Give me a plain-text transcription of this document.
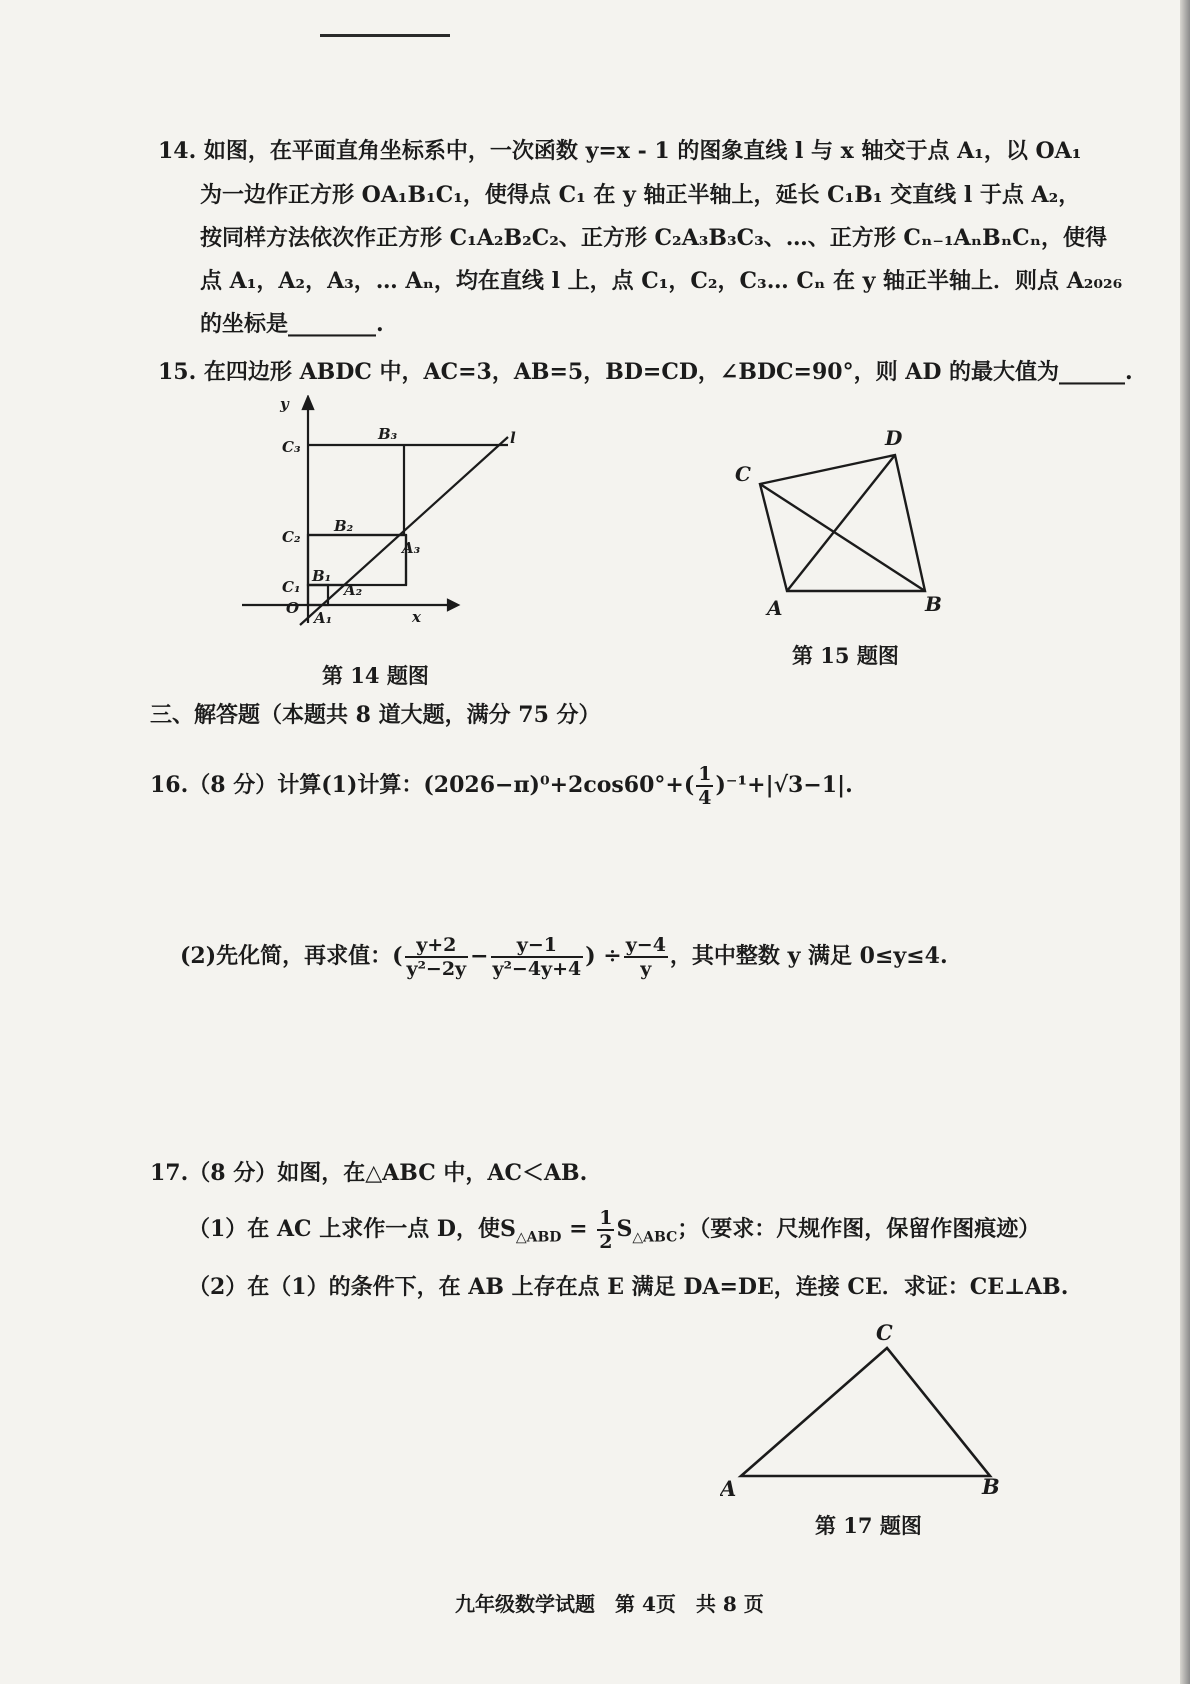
14. 如图，在平面直角坐标系中，一次函数 y=x - 1 的图象直线 l 与 x 轴交于点 A₁，以 OA₁
为一边作正方形 OA₁B₁C₁，使得点 C₁ 在 y 轴正半轴上，延长 C₁B₁ 交直线 l 于点 A₂，
按同样方法依次作正方形 C₁A₂B₂C₂、正方形 C₂A₃B₃C₃、…、正方形 Cₙ₋₁AₙBₙCₙ，使得
点 A₁，A₂，A₃，… Aₙ，均在直线 l 上，点 C₁，C₂，C₃… Cₙ 在 y 轴正半轴上．则点 A₂₀₂₆
的坐标是________.
15. 在四边形 ABDC 中，AC=3，AB=5，BD=CD，∠BDC=90°，则 AD 的最大值为______.
y
l
O	x
C₁
C₂
C₃
B₁
B₂
B₃
A₁
A₂
A₃
第 14 题图
C
D
A	B
第 15 题图
三、解答题（本题共 8 道大题，满分 75 分）
16.（8 分）计算(1)计算：$(2026-\pi)^0+2\cos 60^\circ+( \frac{1}{4} )^{-1}+|√3-1|$.
(2)先化简，再求值：( $\frac{y+2}{\text{y²−2y}} - \frac{y-1}{\text{y²−4y+4}}$ ) ÷ $\frac{y-4}{y}$ ，其中整数 y 满足 0≤y≤4.
17.（8 分）如图，在△ABC 中，AC＜AB.
（1）在 AC 上求作一点 D，使$S_{\triangle ABD} = \frac{1}{2} S_{\triangle ABC}$；（要求：尺规作图，保留作图痕迹）
（2）在（1）的条件下，在 AB 上存在点 E 满足 DA=DE，连接 CE．求证：CE⊥AB.
A
C
B
第 17 题图
九年级数学试题　第 4页　共 8 页
